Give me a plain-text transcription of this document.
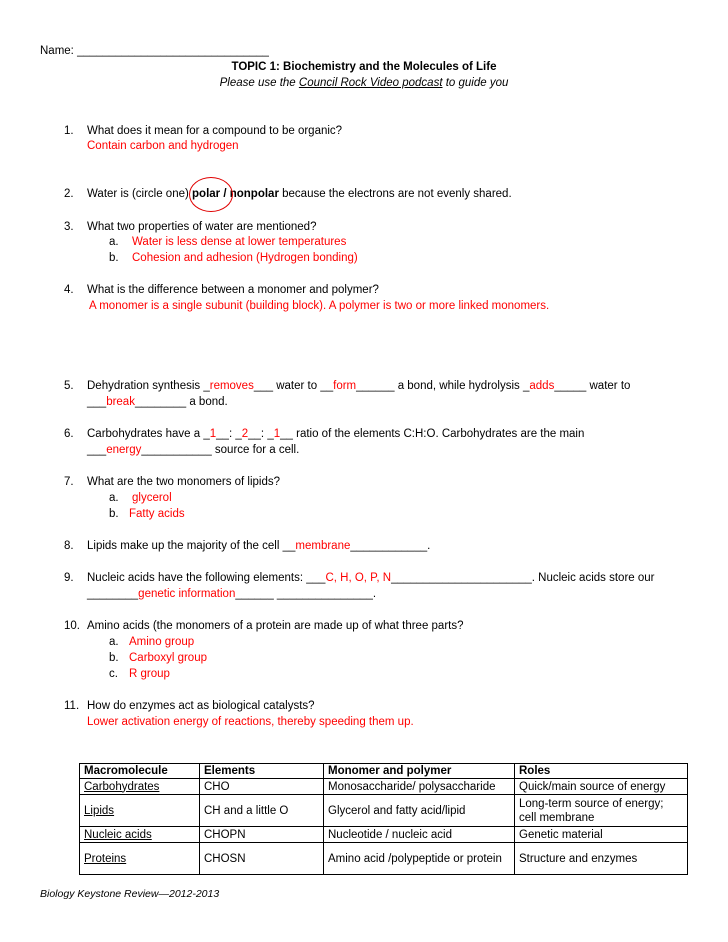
Name: ______________________________
TOPIC 1: Biochemistry and the Molecules of Life
Please use the Council Rock Video podcast to guide you
1. What does it mean for a compound to be organic?
Contain carbon and hydrogen
2. Water is (circle one) polar / nonpolar because the electrons are not evenly shared.
3. What two properties of water are mentioned?
a. Water is less dense at lower temperatures
b. Cohesion and adhesion (Hydrogen bonding)
4. What is the difference between a monomer and polymer?
A monomer is a single subunit (building block). A polymer is two or more linked monomers.
5. Dehydration synthesis _removes___ water to __form______ a bond, while hydrolysis _adds_____ water to
___break________ a bond.
6. Carbohydrates have a _1__: _2__: _1__ ratio of the elements C:H:O. Carbohydrates are the main
___energy___________ source for a cell.
7. What are the two monomers of lipids?
a. glycerol
b. Fatty acids
8. Lipids make up the majority of the cell __membrane____________.
9. Nucleic acids have the following elements: ___C, H, O, P, N______________________. Nucleic acids store our
________genetic information______ _______________.
10. Amino acids (the monomers of a protein are made up of what three parts?
a. Amino group
b. Carboxyl group
c. R group
11. How do enzymes act as biological catalysts?
Lower activation energy of reactions, thereby speeding them up.
Macromolecule	Elements	Monomer and polymer	Roles
Carbohydrates	CHO	Monosaccharide/ polysaccharide	Quick/main source of energy
Lipids	CH and a little O	Glycerol and fatty acid/lipid	Long-term source of energy; cell membrane
Nucleic acids	CHOPN	Nucleotide / nucleic acid	Genetic material
Proteins	CHOSN	Amino acid /polypeptide or protein	Structure and enzymes
Biology Keystone Review—2012-2013
